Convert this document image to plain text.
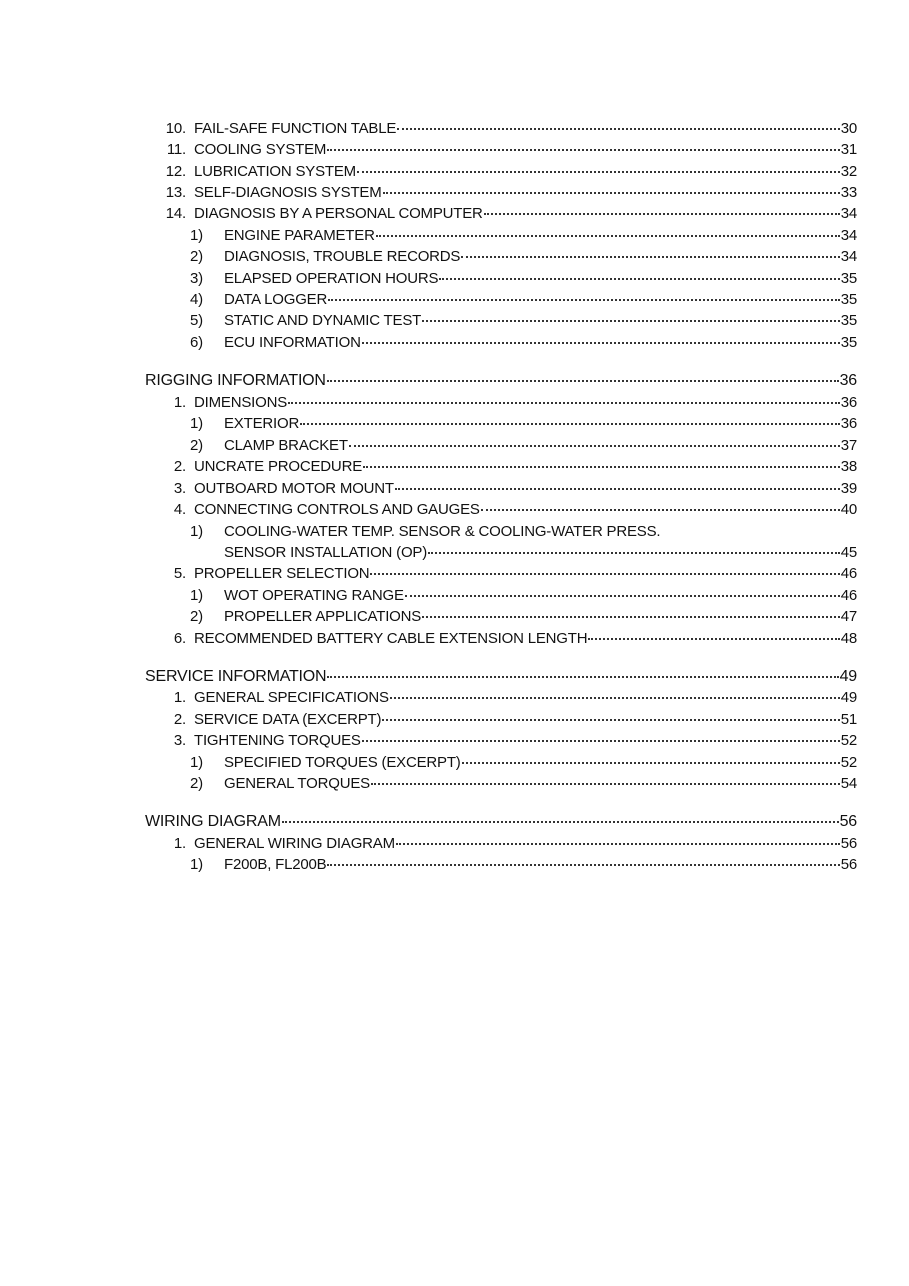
10. FAIL-SAFE FUNCTION TABLE	30
11. COOLING SYSTEM	31
12. LUBRICATION SYSTEM	32
13. SELF-DIAGNOSIS SYSTEM	33
14. DIAGNOSIS BY A PERSONAL COMPUTER	34
1)	ENGINE PARAMETER	34
2)	DIAGNOSIS, TROUBLE RECORDS	34
3)	ELAPSED OPERATION HOURS	35
4)	DATA LOGGER	35
5)	STATIC AND DYNAMIC TEST	35
6)	ECU INFORMATION	35
RIGGING INFORMATION	36
1. DIMENSIONS	36
1)	EXTERIOR	36
2)	CLAMP BRACKET	37
2. UNCRATE PROCEDURE	38
3. OUTBOARD MOTOR MOUNT	39
4. CONNECTING CONTROLS AND GAUGES	40
1)	COOLING-WATER TEMP. SENSOR & COOLING-WATER PRESS.
SENSOR INSTALLATION (OP)	45
5. PROPELLER SELECTION	46
1)	WOT OPERATING RANGE	46
2)	PROPELLER APPLICATIONS	47
6. RECOMMENDED BATTERY CABLE EXTENSION LENGTH	48
SERVICE INFORMATION	49
1. GENERAL SPECIFICATIONS	49
2. SERVICE DATA (EXCERPT)	51
3. TIGHTENING TORQUES	52
1)	SPECIFIED TORQUES (EXCERPT)	52
2)	GENERAL TORQUES	54
WIRING DIAGRAM	56
1. GENERAL WIRING DIAGRAM	56
1)	F200B, FL200B	56
